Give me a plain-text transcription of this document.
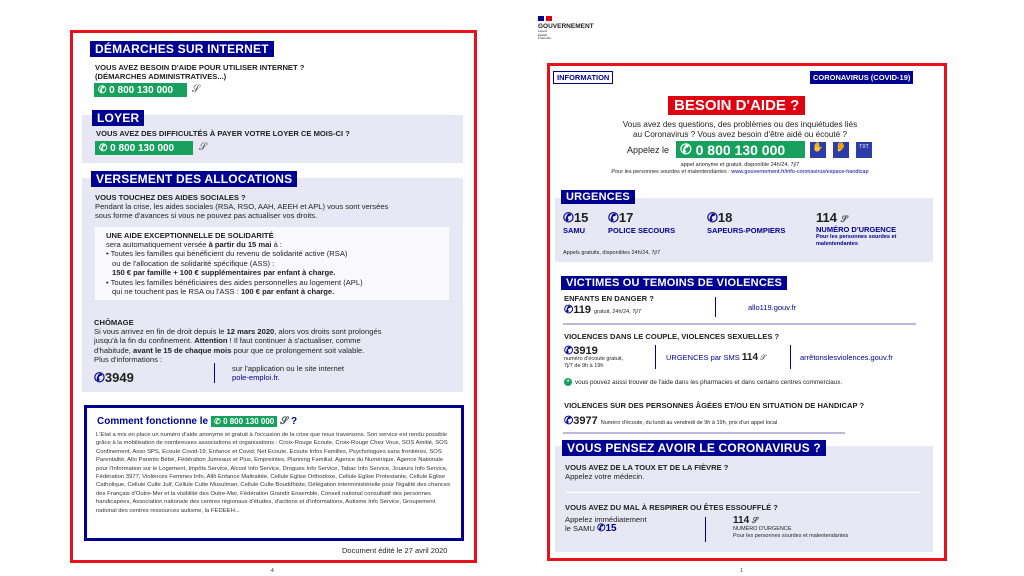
DÉMARCHES SUR INTERNET
VOUS AVEZ BESOIN D'AIDE POUR UTILISER INTERNET ?
(DÉMARCHES ADMINISTRATIVES...)
✆ 0 800 130 000 𝒮
LOYER
VOUS AVEZ DES DIFFICULTÉS À PAYER VOTRE LOYER CE MOIS-CI ?
✆ 0 800 130 000 𝒮
VERSEMENT DES ALLOCATIONS
VOUS TOUCHEZ DES AIDES SOCIALES ?
Pendant la crise, les aides sociales (RSA, RSO, AAH, AEEH et APL) vous sont versées
sous forme d'avances si vous ne pouvez pas actualiser vos droits.
UNE AIDE EXCEPTIONNELLE DE SOLIDARITÉ
sera automatiquement versée à partir du 15 mai à :
• Toutes les familles qui bénéficient du revenu de solidarité active (RSA)
ou de l'allocation de solidarité spécifique (ASS) :
150 € par famille + 100 € supplémentaires par enfant à charge.
• Toutes les familles bénéficiaires des aides personnelles au logement (APL)
qui ne touchent pas le RSA ou l'ASS : 100 € par enfant à charge.
CHÔMAGE
Si vous arrivez en fin de droit depuis le 12 mars 2020, alors vos droits sont prolongés
jusqu'à la fin du confinement. Attention ! Il faut continuer à s'actualiser, comme
d'habitude, avant le 15 de chaque mois pour que ce prolongement soit valable.
Plus d'informations :
✆3949
sur l'application ou le site internet
pole-emploi.fr.
Comment fonctionne le ✆ 0 800 130 000 𝒮 ?
L'Etat a mis en place un numéro d'aide anonyme et gratuit à l'occasion de la crise que nous traversons. Son service est rendu possible grâce à la mobilisation de nombreuses associations et organisations : Croix-Rouge Ecoute, Croix-Rouge Chez Vous, SOS Amitié, SOS Confinement, Asso SPS, Ecoute Covid-19, Enfance et Covid, Net Ecoute, Ecoute Infos Familles, Psychologues sans frontières, SOS Parentalité, Allo Parents Bébé, Fédération Jumeaux et Plus, Empreintes, Planning Familial, Agence du Numérique, Agence Nationale pour l'Information sur le Logement, Impôts Service, Alcool Info Service, Drogues Info Service, Tabac Info Service, Joueurs Info Service, Fédération 3977, Violences Femmes Info, Allô Enfance Maltraitée, Cellule Eglise Orthodoxe, Cellule Eglise Protestante, Cellule Eglise Catholique, Cellule Culte Juif, Cellule Culte Musulman, Cellule Culte Bouddhiste, Délégation interministérielle pour l'égalité des chances des Français d'Outre-Mer et la visibilité des Outre-Mer, Fédération Grandir Ensemble, Conseil national consultatif des personnes handicapées, Association nationale des centres régionaux d'études, d'actions et d'informations, Autisme Info Service, Groupement national des centres ressources autisme, la FEDEEH...
Document édité le 27 avril 2020
4
GOUVERNEMENT
Liberté Égalité Fraternité
INFORMATION	CORONAVIRUS (COVID-19)
BESOIN D'AIDE ?
Vous avez des questions, des problèmes ou des inquiétudes liés
au Coronavirus ? Vous avez besoin d'être aidé ou écouté ?
Appelez le ✆ 0 800 130 000	✋ 👂	TXT
appel anonyme et gratuit, disponible 24h/24, 7j/7
Pour les personnes sourdes et malentendantes : www.gouvernement.fr/info-coronavirus/espace-handicap
URGENCES
✆15
SAMU
✆17
POLICE SECOURS
✆18
SAPEURS-POMPIERS
114 𝒮
NUMÉRO D'URGENCE
Pour les personnes sourdes et malentendantes
Appels gratuits, disponibles 24h/24, 7j/7
VICTIMES OU TEMOINS DE VIOLENCES
ENFANTS EN DANGER ?
✆119 gratuit, 24h/24, 7j/7	allo119.gouv.fr
VIOLENCES DANS LE COUPLE, VIOLENCES SEXUELLES ?
✆3919
numéro d'écoute gratuit,
7j/7 de 9h à 19h
URGENCES par SMS 114 𝒮	arrêtonslesviolences.gouv.fr
+ vous pouvez aussi trouver de l'aide dans les pharmacies et dans certains centres commerciaux.
VIOLENCES SUR DES PERSONNES ÂGÉES ET/OU EN SITUATION DE HANDICAP ?
✆3977 Numéro d'écoute, du lundi au vendredi de 9h à 19h, prix d'un appel local
VOUS PENSEZ AVOIR LE CORONAVIRUS ?
VOUS AVEZ DE LA TOUX ET DE LA FIÈVRE ?
Appelez votre médecin.
VOUS AVEZ DU MAL À RESPIRER OU ÊTES ESSOUFFLÉ ?
Appelez immédiatement
le SAMU ✆15
114 𝒮
NUMÉRO D'URGENCE
Pour les personnes sourdes et malentendantes
1
